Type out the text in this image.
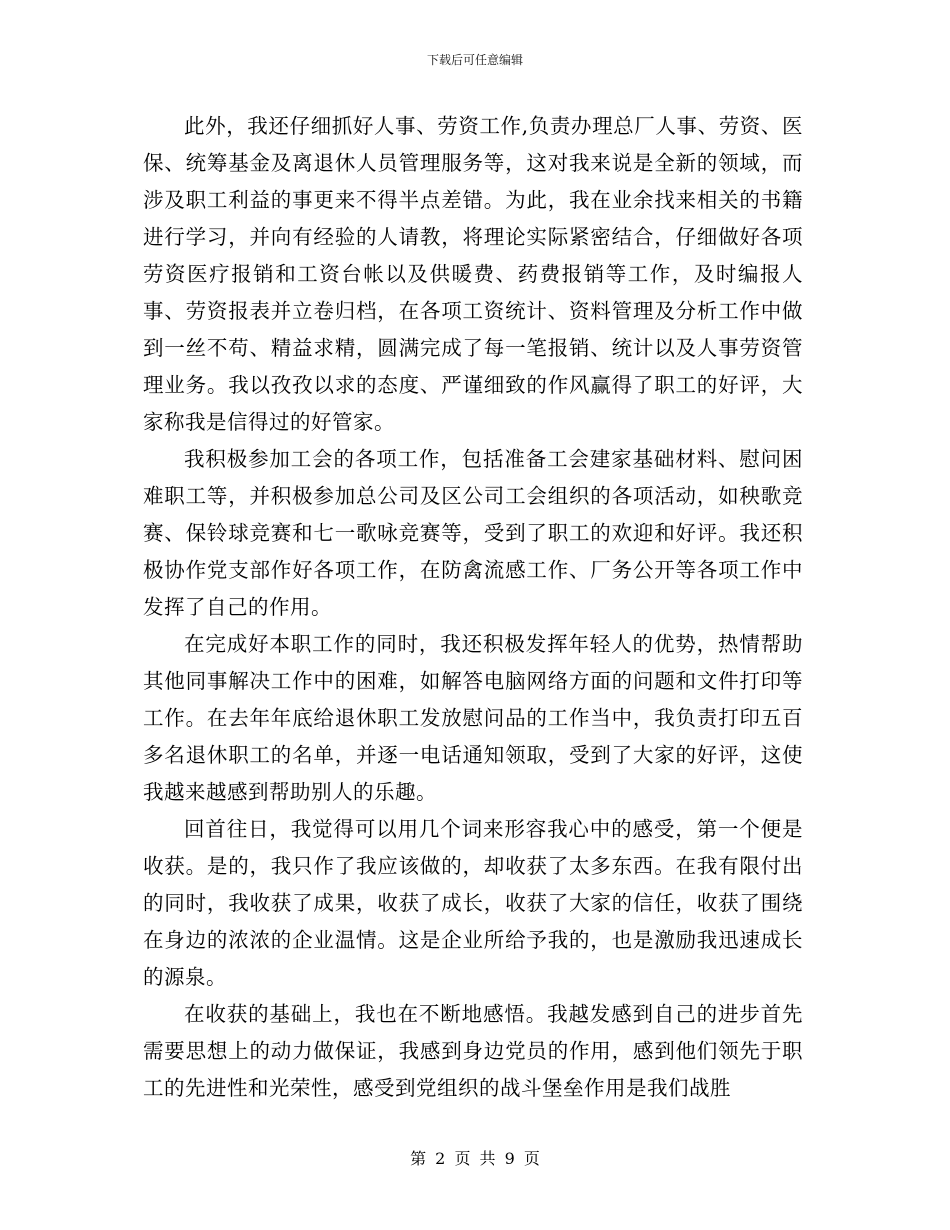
下载后可任意编辑

此外，我还仔细抓好人事、劳资工作,负责办理总厂人事、劳资、医保、统筹基金及离退休人员管理服务等，这对我来说是全新的领域，而涉及职工利益的事更来不得半点差错。为此，我在业余找来相关的书籍进行学习，并向有经验的人请教，将理论实际紧密结合，仔细做好各项劳资医疗报销和工资台帐以及供暖费、药费报销等工作，及时编报人事、劳资报表并立卷归档，在各项工资统计、资料管理及分析工作中做到一丝不苟、精益求精，圆满完成了每一笔报销、统计以及人事劳资管理业务。我以孜孜以求的态度、严谨细致的作风赢得了职工的好评，大家称我是信得过的好管家。

我积极参加工会的各项工作，包括准备工会建家基础材料、慰问困难职工等，并积极参加总公司及区公司工会组织的各项活动，如秧歌竞赛、保铃球竞赛和七一歌咏竞赛等，受到了职工的欢迎和好评。我还积极协作党支部作好各项工作，在防禽流感工作、厂务公开等各项工作中发挥了自己的作用。

在完成好本职工作的同时，我还积极发挥年轻人的优势，热情帮助其他同事解决工作中的困难，如解答电脑网络方面的问题和文件打印等工作。在去年年底给退休职工发放慰问品的工作当中，我负责打印五百多名退休职工的名单，并逐一电话通知领取，受到了大家的好评，这使我越来越感到帮助别人的乐趣。

回首往日，我觉得可以用几个词来形容我心中的感受，第一个便是收获。是的，我只作了我应该做的，却收获了太多东西。在我有限付出的同时，我收获了成果，收获了成长，收获了大家的信任，收获了围绕在身边的浓浓的企业温情。这是企业所给予我的，也是激励我迅速成长的源泉。

在收获的基础上，我也在不断地感悟。我越发感到自己的进步首先需要思想上的动力做保证，我感到身边党员的作用，感到他们领先于职工的先进性和光荣性，感受到党组织的战斗堡垒作用是我们战胜

第 2 页 共 9 页
